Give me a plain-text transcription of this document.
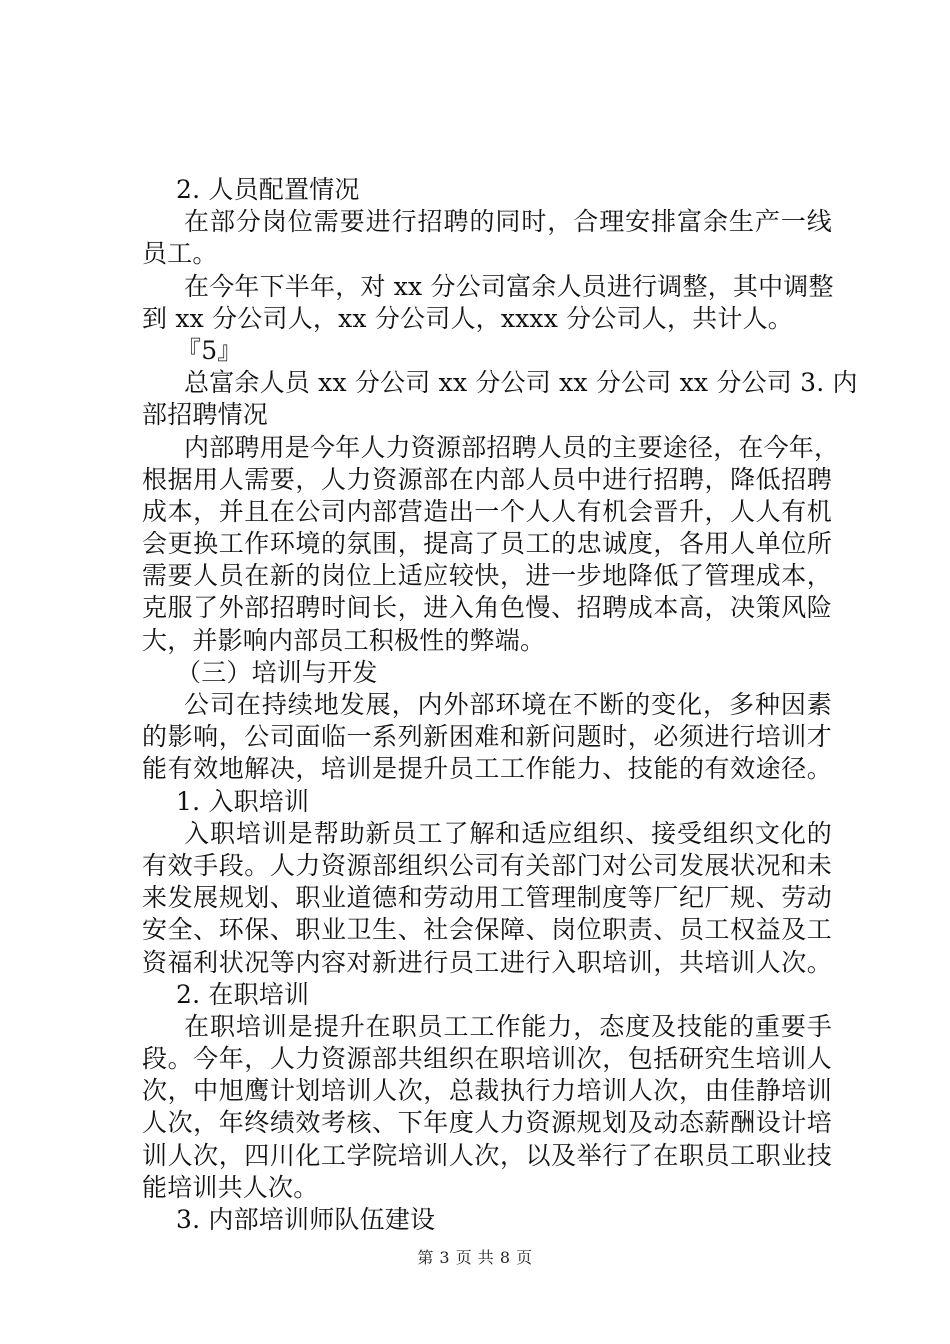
2. 人员配置情况
在部分岗位需要进行招聘的同时，合理安排富余生产一线
员工。
在今年下半年，对 xx 分公司富余人员进行调整，其中调整
到 xx 分公司人，xx 分公司人，xxxx 分公司人，共计人。
『5』
总富余人员 xx 分公司 xx 分公司 xx 分公司 xx 分公司 3. 内
部招聘情况
内部聘用是今年人力资源部招聘人员的主要途径，在今年，
根据用人需要，人力资源部在内部人员中进行招聘，降低招聘
成本，并且在公司内部营造出一个人人有机会晋升，人人有机
会更换工作环境的氛围，提高了员工的忠诚度，各用人单位所
需要人员在新的岗位上适应较快，进一步地降低了管理成本，
克服了外部招聘时间长，进入角色慢、招聘成本高，决策风险
大，并影响内部员工积极性的弊端。
（三）培训与开发
公司在持续地发展，内外部环境在不断的变化，多种因素
的影响，公司面临一系列新困难和新问题时，必须进行培训才
能有效地解决，培训是提升员工工作能力、技能的有效途径。
1. 入职培训
入职培训是帮助新员工了解和适应组织、接受组织文化的
有效手段。人力资源部组织公司有关部门对公司发展状况和未
来发展规划、职业道德和劳动用工管理制度等厂纪厂规、劳动
安全、环保、职业卫生、社会保障、岗位职责、员工权益及工
资福利状况等内容对新进行员工进行入职培训，共培训人次。
2. 在职培训
在职培训是提升在职员工工作能力，态度及技能的重要手
段。今年，人力资源部共组织在职培训次，包括研究生培训人
次，中旭鹰计划培训人次，总裁执行力培训人次，由佳静培训
人次，年终绩效考核、下年度人力资源规划及动态薪酬设计培
训人次，四川化工学院培训人次，以及举行了在职员工职业技
能培训共人次。
3. 内部培训师队伍建设
第 3 页 共 8 页
